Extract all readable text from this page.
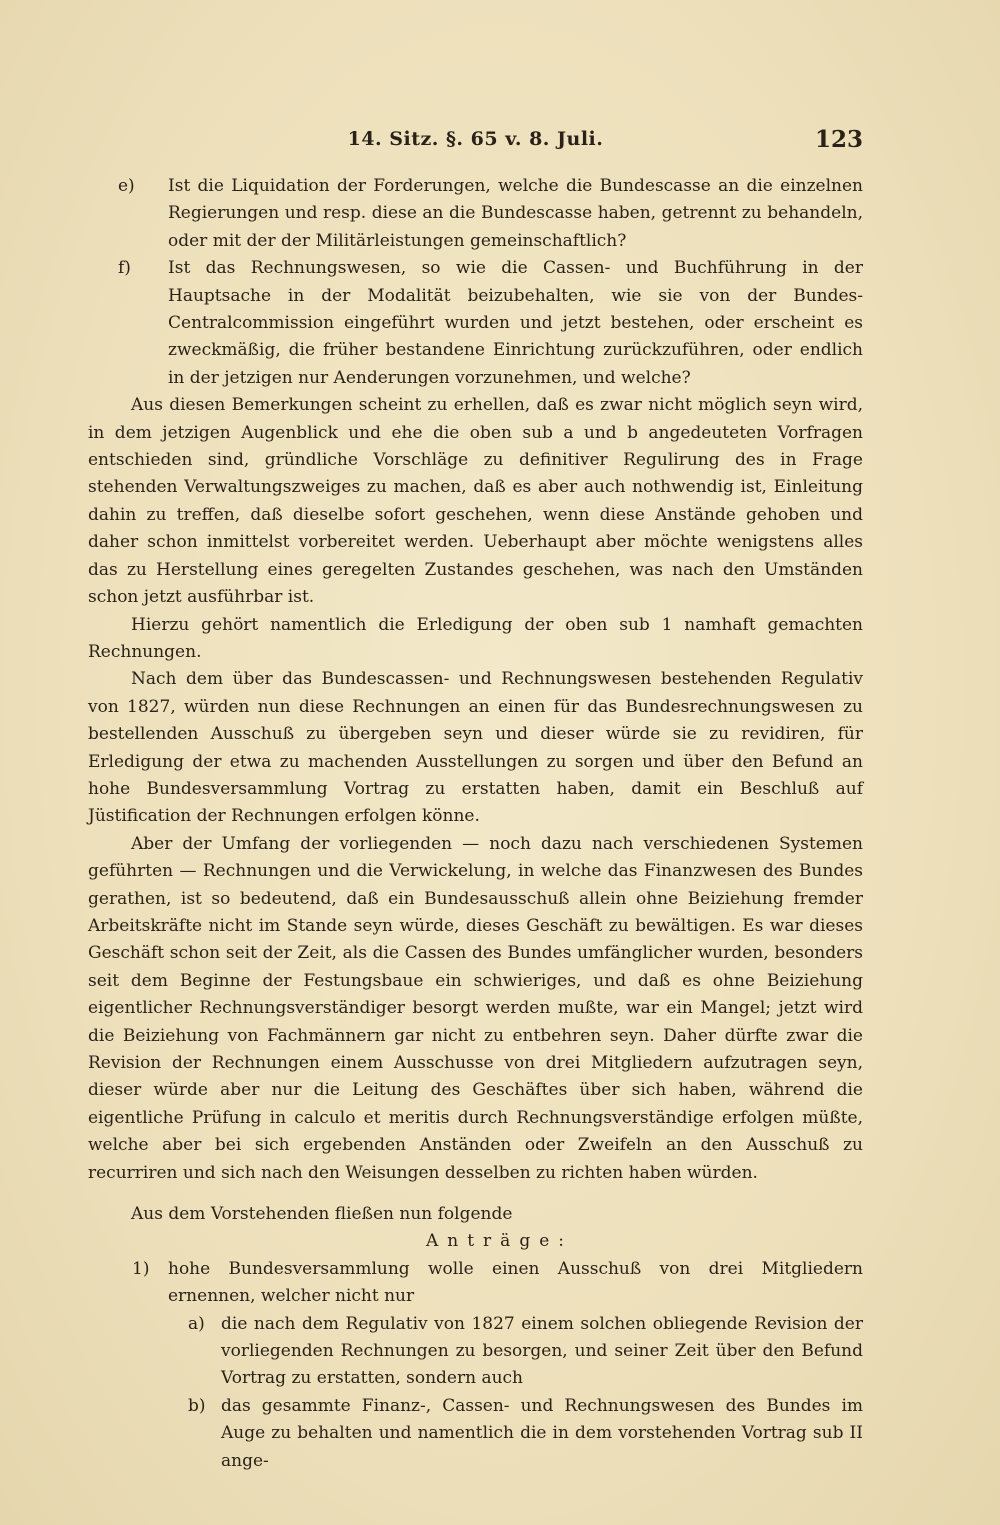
14. Sitz. §. 65 v. 8. Juli.	123
e) Ist die Liquidation der Forderungen, welche die Bundescasse an die einzelnen Regierungen und resp. diese an die Bundescasse haben, getrennt zu behandeln, oder mit der der Militärleistungen gemeinschaftlich?
f) Ist das Rechnungswesen, so wie die Cassen- und Buchführung in der Hauptsache in der Modalität beizubehalten, wie sie von der Bundes-Centralcommission eingeführt wurden und jetzt bestehen, oder erscheint es zweckmäßig, die früher bestandene Einrichtung zurückzuführen, oder endlich in der jetzigen nur Aenderungen vorzunehmen, und welche?
Aus diesen Bemerkungen scheint zu erhellen, daß es zwar nicht möglich seyn wird, in dem jetzigen Augenblick und ehe die oben sub a und b angedeuteten Vorfragen entschieden sind, gründliche Vorschläge zu definitiver Regulirung des in Frage stehenden Verwaltungszweiges zu machen, daß es aber auch nothwendig ist, Einleitung dahin zu treffen, daß dieselbe sofort geschehen, wenn diese Anstände gehoben und daher schon inmittelst vorbereitet werden. Ueberhaupt aber möchte wenigstens alles das zu Herstellung eines geregelten Zustandes geschehen, was nach den Umständen schon jetzt ausführbar ist.
Hierzu gehört namentlich die Erledigung der oben sub 1 namhaft gemachten Rechnungen.
Nach dem über das Bundescassen- und Rechnungswesen bestehenden Regulativ von 1827, würden nun diese Rechnungen an einen für das Bundesrechnungswesen zu bestellenden Ausschuß zu übergeben seyn und dieser würde sie zu revidiren, für Erledigung der etwa zu machenden Ausstellungen zu sorgen und über den Befund an hohe Bundesversammlung Vortrag zu erstatten haben, damit ein Beschluß auf Jüstification der Rechnungen erfolgen könne.
Aber der Umfang der vorliegenden — noch dazu nach verschiedenen Systemen geführten — Rechnungen und die Verwickelung, in welche das Finanzwesen des Bundes gerathen, ist so bedeutend, daß ein Bundesausschuß allein ohne Beiziehung fremder Arbeitskräfte nicht im Stande seyn würde, dieses Geschäft zu bewältigen. Es war dieses Geschäft schon seit der Zeit, als die Cassen des Bundes umfänglicher wurden, besonders seit dem Beginne der Festungsbaue ein schwieriges, und daß es ohne Beiziehung eigentlicher Rechnungsverständiger besorgt werden mußte, war ein Mangel; jetzt wird die Beiziehung von Fachmännern gar nicht zu entbehren seyn. Daher dürfte zwar die Revision der Rechnungen einem Ausschusse von drei Mitgliedern aufzutragen seyn, dieser würde aber nur die Leitung des Geschäftes über sich haben, während die eigentliche Prüfung in calculo et meritis durch Rechnungsverständige erfolgen müßte, welche aber bei sich ergebenden Anständen oder Zweifeln an den Ausschuß zu recurriren und sich nach den Weisungen desselben zu richten haben würden.
Aus dem Vorstehenden fließen nun folgende
Anträge:
1) hohe Bundesversammlung wolle einen Ausschuß von drei Mitgliedern ernennen, welcher nicht nur
a) die nach dem Regulativ von 1827 einem solchen obliegende Revision der vorliegenden Rechnungen zu besorgen, und seiner Zeit über den Befund Vortrag zu erstatten, sondern auch
b) das gesammte Finanz-, Cassen- und Rechnungswesen des Bundes im Auge zu behalten und namentlich die in dem vorstehenden Vortrag sub II ange-
